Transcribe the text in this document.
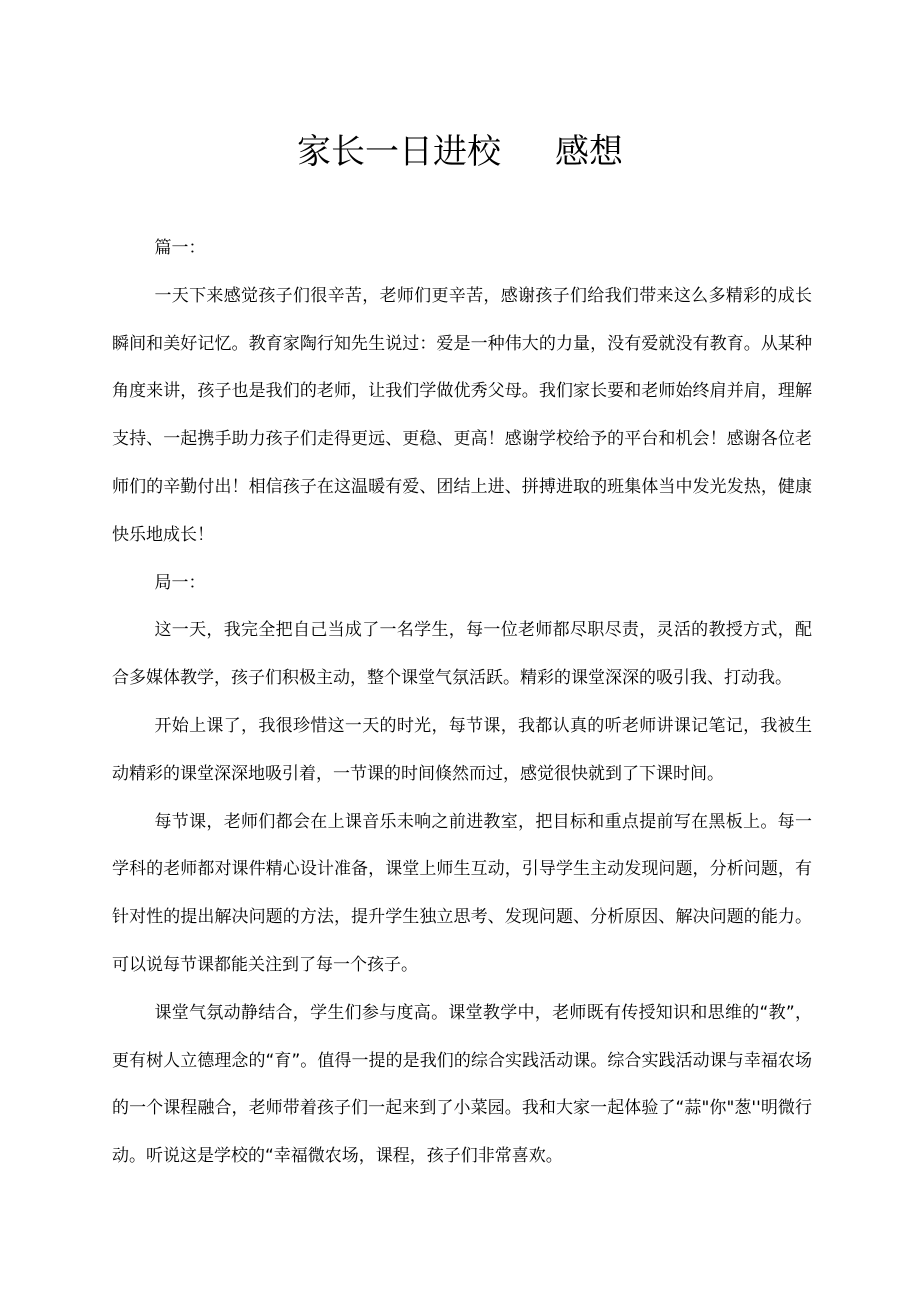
家长一日进校     感想

篇一：

一天下来感觉孩子们很辛苦，老师们更辛苦，感谢孩子们给我们带来这么多精彩的成长瞬间和美好记忆。教育家陶行知先生说过：爱是一种伟大的力量，没有爱就没有教育。从某种角度来讲，孩子也是我们的老师，让我们学做优秀父母。我们家长要和老师始终肩并肩，理解支持、一起携手助力孩子们走得更远、更稳、更高！感谢学校给予的平台和机会！感谢各位老师们的辛勤付出！相信孩子在这温暖有爱、团结上进、拼搏进取的班集体当中发光发热，健康快乐地成长！

局一：

这一天，我完全把自己当成了一名学生，每一位老师都尽职尽责，灵活的教授方式，配合多媒体教学，孩子们积极主动，整个课堂气氛活跃。精彩的课堂深深的吸引我、打动我。

开始上课了，我很珍惜这一天的时光，每节课，我都认真的听老师讲课记笔记，我被生动精彩的课堂深深地吸引着，一节课的时间倏然而过，感觉很快就到了下课时间。

每节课，老师们都会在上课音乐未响之前进教室，把目标和重点提前写在黑板上。每一学科的老师都对课件精心设计准备，课堂上师生互动，引导学生主动发现问题，分析问题，有针对性的提出解决问题的方法，提升学生独立思考、发现问题、分析原因、解决问题的能力。可以说每节课都能关注到了每一个孩子。

课堂气氛动静结合，学生们参与度高。课堂教学中，老师既有传授知识和思维的“教”，更有树人立德理念的“育”。值得一提的是我们的综合实践活动课。综合实践活动课与幸福农场的一个课程融合，老师带着孩子们一起来到了小菜园。我和大家一起体验了“蒜"你"葱''明微行动。听说这是学校的“幸福微农场，课程，孩子们非常喜欢。
